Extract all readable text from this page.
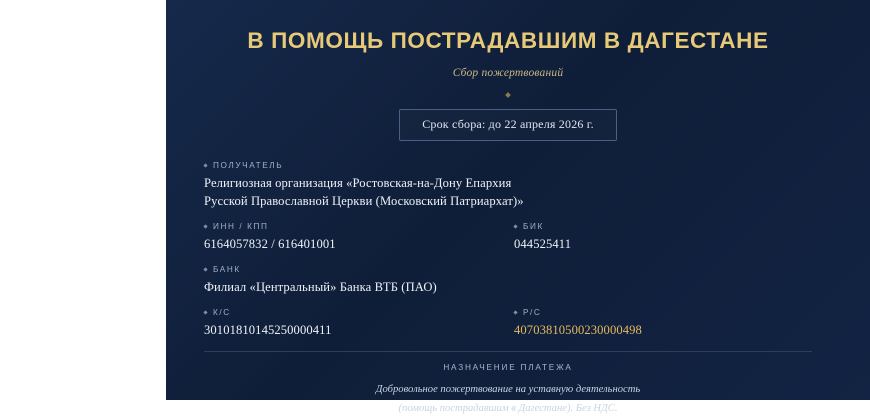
В ПОМОЩЬ ПОСТРАДАВШИМ В ДАГЕСТАНЕ
Сбор пожертвований
Срок сбора: до 22 апреля 2026 г.
ПОЛУЧАТЕЛЬ
Религиозная организация «Ростовская-на-Дону Епархия
Русской Православной Церкви (Московский Патриархат)»
ИНН / КПП
6164057832 / 616401001
БИК
044525411
БАНК
Филиал «Центральный» Банка ВТБ (ПАО)
К/С
30101810145250000411
Р/С
40703810500230000498
НАЗНАЧЕНИЕ ПЛАТЕЖА
Добровольное пожертвование на уставную деятельность
(помощь пострадавшим в Дагестане). Без НДС.
